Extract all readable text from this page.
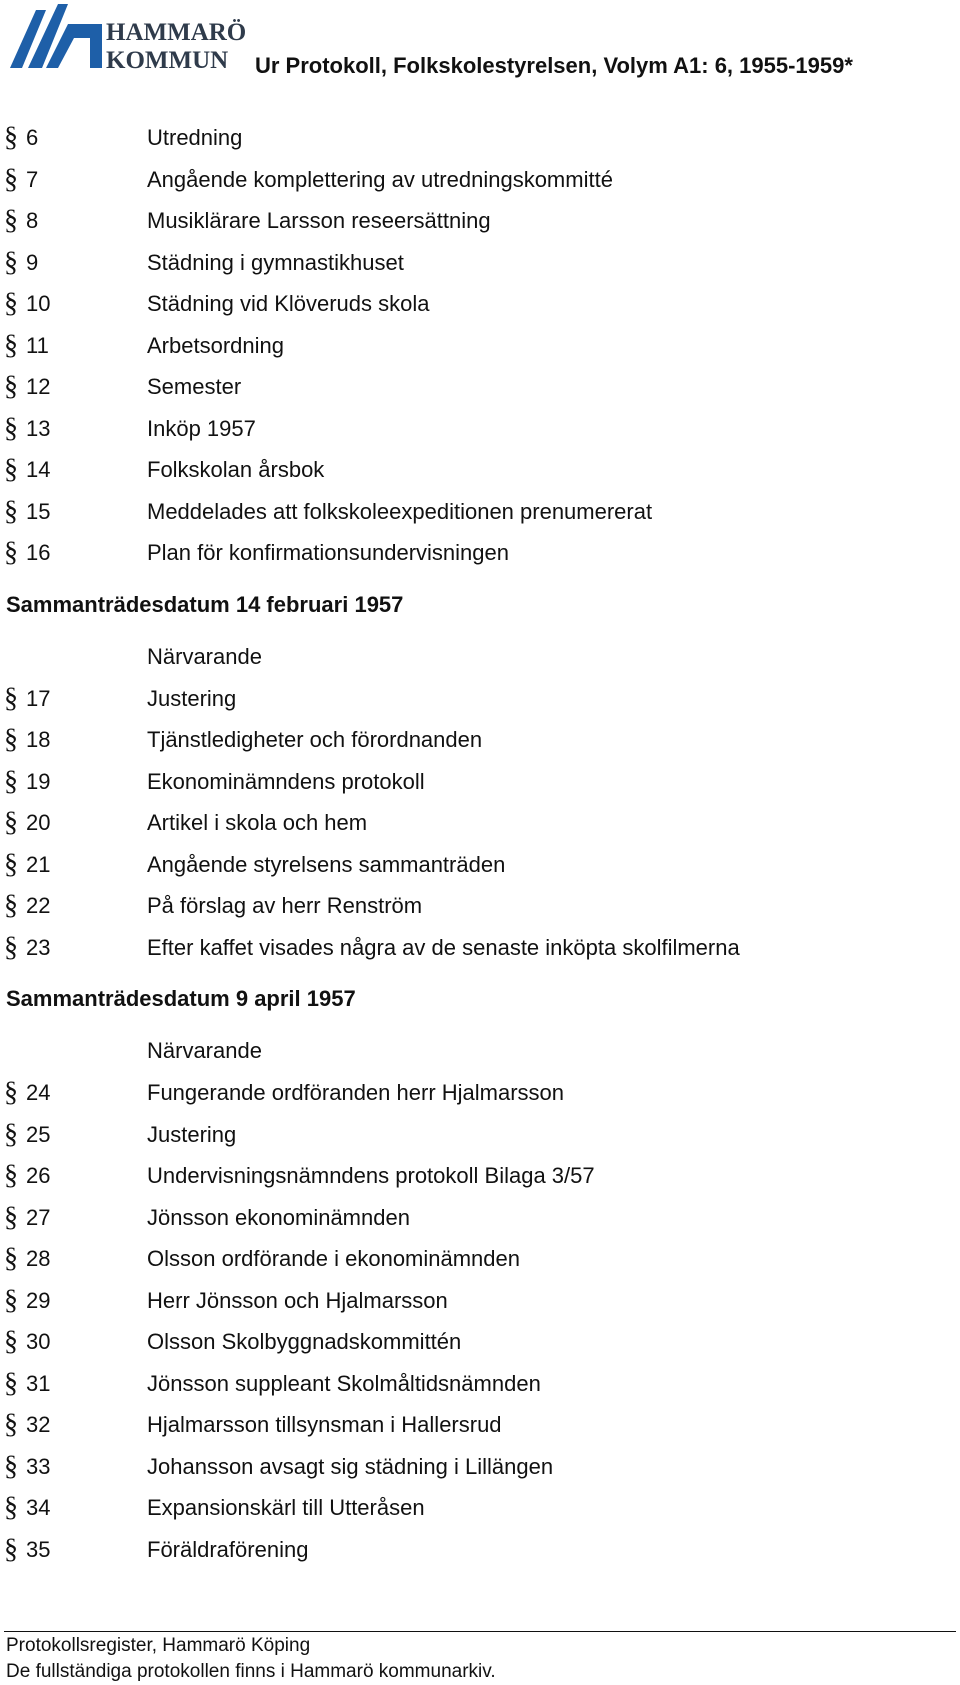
HAMMARÖ
KOMMUN Ur Protokoll, Folkskolestyrelsen, Volym A1: 6, 1955-1959*
§ 6	Utredning
§ 7	Angående komplettering av utredningskommitté
§ 8	Musiklärare Larsson reseersättning
§ 9	Städning i gymnastikhuset
§ 10	Städning vid Klöveruds skola
§ 11	Arbetsordning
§ 12	Semester
§ 13	Inköp 1957
§ 14	Folkskolan årsbok
§ 15	Meddelades att folkskoleexpeditionen prenumererat
§ 16	Plan för konfirmationsundervisningen
Sammanträdesdatum 14 februari 1957
Närvarande
§ 17	Justering
§ 18	Tjänstledigheter och förordnanden
§ 19	Ekonominämndens protokoll
§ 20	Artikel i skola och hem
§ 21	Angående styrelsens sammanträden
§ 22	På förslag av herr Renström
§ 23	Efter kaffet visades några av de senaste inköpta skolfilmerna
Sammanträdesdatum 9 april 1957
Närvarande
§ 24	Fungerande ordföranden herr Hjalmarsson
§ 25	Justering
§ 26	Undervisningsnämndens protokoll Bilaga 3/57
§ 27	Jönsson ekonominämnden
§ 28	Olsson ordförande i ekonominämnden
§ 29	Herr Jönsson och Hjalmarsson
§ 30	Olsson Skolbyggnadskommittén
§ 31	Jönsson suppleant Skolmåltidsnämnden
§ 32	Hjalmarsson tillsynsman i Hallersrud
§ 33	Johansson avsagt sig städning i Lillängen
§ 34	Expansionskärl till Utteråsen
§ 35	Föräldraförening
Protokollsregister, Hammarö Köping
De fullständiga protokollen finns i Hammarö kommunarkiv.
